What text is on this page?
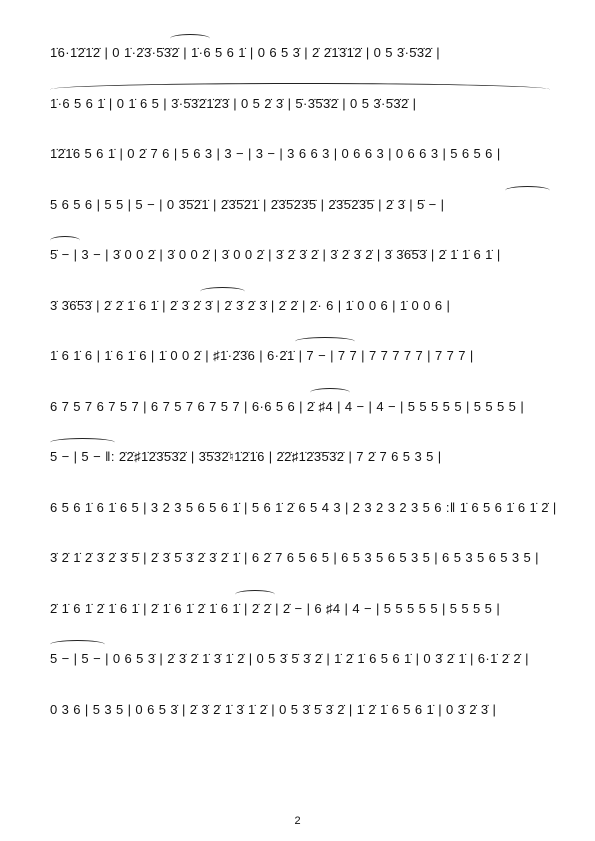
1̇6·1̇2̇1̇2̇ | 0 1̇·2̇3̇·5̇3̇2̇ | 1̇·6 5 6 1̇ | 0 6 5 3̇ | 2̇ 2̇1̇3̇1̇2̇ | 0 5 3̇·5̇3̇2̇ |
1̇·6 5 6 1̇ | 0 1̇ 6 5 | 3̇·5̇3̇2̇1̇2̇3̇ | 0 5 2̇ 3̇ | 5̇·3̇5̇3̇2̇ | 0 5 3̇·5̇3̇2̇ |
1̇2̇1̇6 5 6 1̇ | 0 2̇ 7 6 | 5 6 3 | 3 − | 3 − | 3 6 6 3 | 0 6 6 3 | 0 6 6 3 | 5 6 5 6 |
5 6 5 6 | 5 5 | 5 − | 0 3̇5̇2̇1̇ | 2̇3̇5̇2̇1̇ | 2̇3̇5̇2̇3̇5̇ | 2̇3̇5̇2̇3̇5̇ | 2̇ 3̇ | 5̇ − |
5̇ − | 3 − | 3̇ 0 0 2̇ | 3̇ 0 0 2̇ | 3̇ 0 0 2̇ | 3̇ 2̇ 3̇ 2̇ | 3̇ 2̇ 3̇ 2̇ | 3̇ 3̇6̇5̇3̇ | 2̇ 1̇ 1̇ 6 1̇ |
3̇ 3̇6̇5̇3̇ | 2̇ 2̇ 1̇ 6 1̇ | 2̇ 3̇ 2̇ 3̇ | 2̇ 3̇ 2̇ 3̇ | 2̇ 2̇ | 2̇· 6 | 1̇ 0 0 6 | 1̇ 0 0 6 |
1̇ 6 1̇ 6 | 1̇ 6 1̇ 6 | 1̇ 0 0 2̇ | ♯1̇·2̇3̇6 | 6·2̇1̇ | 7 − | 7 7 | 7 7 7 7 7 | 7 7 7 |
6 7 5 7 6 7 5 7 | 6 7 5 7 6 7 5 7 | 6·6 5 6 | 2̇ ♯4 | 4 − | 4 − | 5 5 5 5 5 | 5 5 5 5 |
5 − | 5 − ‖: 2̇2̇♯1̇2̇3̇5̇3̇2̇ | 3̇5̇3̇2̇♮1̇2̇1̇6 | 2̇2̇♯1̇2̇3̇5̇3̇2̇ | 7 2̇ 7 6 5 3 5 |
6 5 6 1̇ 6 1̇ 6 5 | 3 2 3 5 6 5 6 1̇ | 5 6 1̇ 2̇ 6 5 4 3 | 2 3 2 3 2 3 5 6 :‖ 1̇ 6 5 6 1̇ 6 1̇ 2̇ |
3̇ 2̇ 1̇ 2̇ 3̇ 2̇ 3̇ 5̇ | 2̇ 3̇ 5̇ 3̇ 2̇ 3̇ 2̇ 1̇ | 6 2̇ 7 6 5 6 5 | 6 5 3 5 6 5 3 5 | 6 5 3 5 6 5 3 5 |
2̇ 1̇ 6 1̇ 2̇ 1̇ 6 1̇ | 2̇ 1̇ 6 1̇ 2̇ 1̇ 6 1̇ | 2̇ 2̇ | 2̇ − | 6 ♯4 | 4 − | 5 5 5 5 5 | 5 5 5 5 |
5 − | 5 − | 0 6 5 3̇ | 2̇ 3̇ 2̇ 1̇ 3̇ 1̇ 2̇ | 0 5 3̇ 5̇ 3̇ 2̇ | 1̇ 2̇ 1̇ 6 5 6 1̇ | 0 3̇ 2̇ 1̇ | 6·1̇ 2̇ 2̇ |
0 3 6 | 5 3 5 | 0 6 5 3̇ | 2̇ 3̇ 2̇ 1̇ 3̇ 1̇ 2̇ | 0 5 3̇ 5̇ 3̇ 2̇ | 1̇ 2̇ 1̇ 6 5 6 1̇ | 0 3̇ 2̇ 3̇ |
2
